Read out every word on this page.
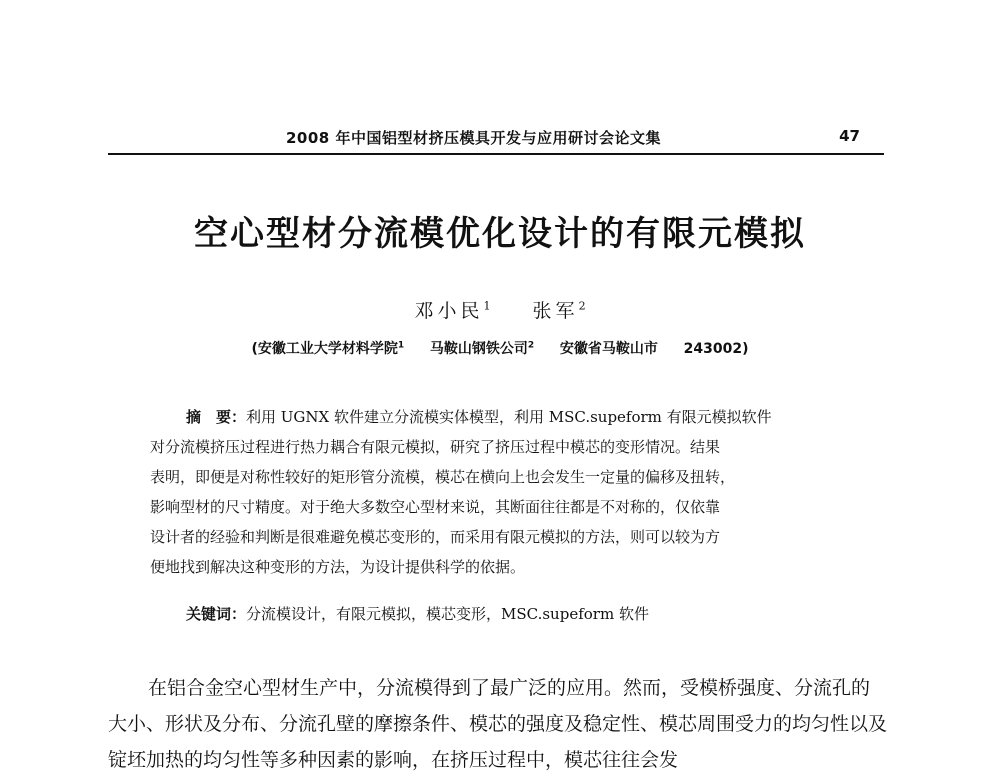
2008 年中国铝型材挤压模具开发与应用研讨会论文集	47
空心型材分流模优化设计的有限元模拟
邓小民$^1$ 张军$^2$
(安徽工业大学材料学院$^1$ 马鞍山钢铁公司$^2$ 安徽省马鞍山市 243002)

摘　要：利用 UGNX 软件建立分流模实体模型，利用 MSC.supeform 有限元模拟软件

对分流模挤压过程进行热力耦合有限元模拟，研究了挤压过程中模芯的变形情况。结果

表明，即便是对称性较好的矩形管分流模，模芯在横向上也会发生一定量的偏移及扭转，

影响型材的尺寸精度。对于绝大多数空心型材来说，其断面往往都是不对称的，仅依靠

设计者的经验和判断是很难避免模芯变形的，而采用有限元模拟的方法，则可以较为方

便地找到解决这种变形的方法，为设计提供科学的依据。

关键词：分流模设计，有限元模拟，模芯变形，MSC.supeform 软件

在铝合金空心型材生产中，分流模得到了最广泛的应用。然而，受模桥强度、分流孔的大小、形状及分布、分流孔壁的摩擦条件、模芯的强度及稳定性、模芯周围受力的均匀性以及锭坯加热的均匀性等多种因素的影响，在挤压过程中，模芯往往会发
